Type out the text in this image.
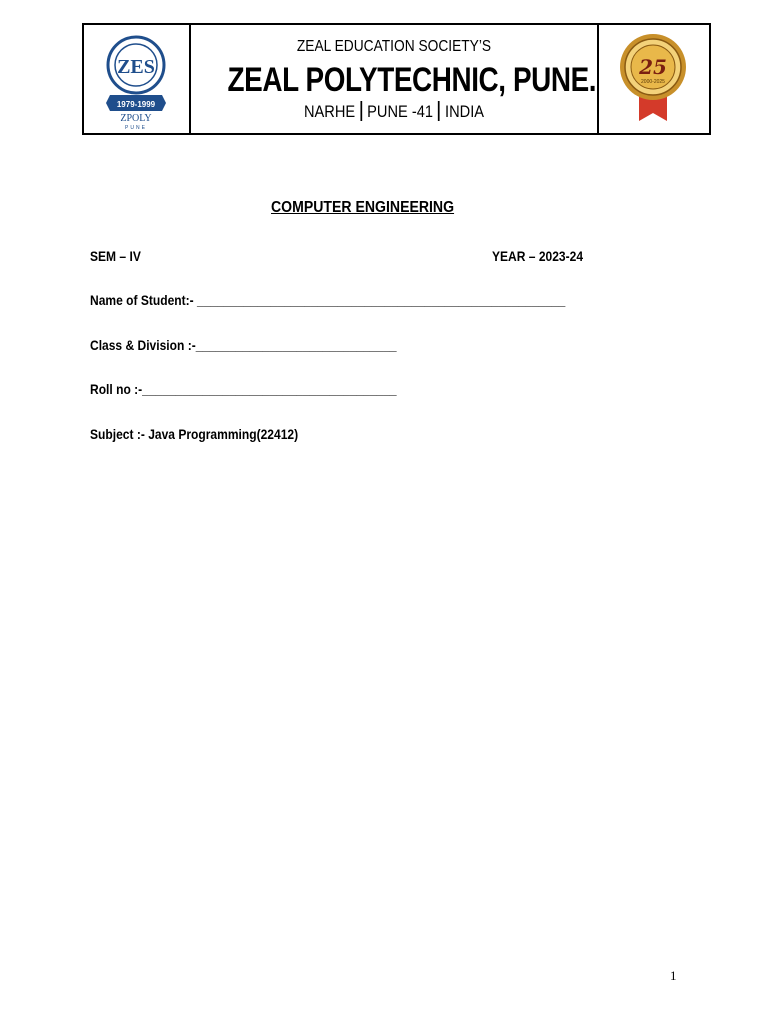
ZES
1979-1999
ZPOLY
PUNE
ZEAL EDUCATION SOCIETY’S
ZEAL POLYTECHNIC, PUNE.
NARHE PUNE -41 INDIA
25
2000-2025
COMPUTER ENGINEERING
SEM – IV	YEAR – 2023-24
Name of Student:- _______________________________________________________
Class & Division :-______________________________
Roll no :-______________________________________
Subject :- Java Programming(22412)
1
